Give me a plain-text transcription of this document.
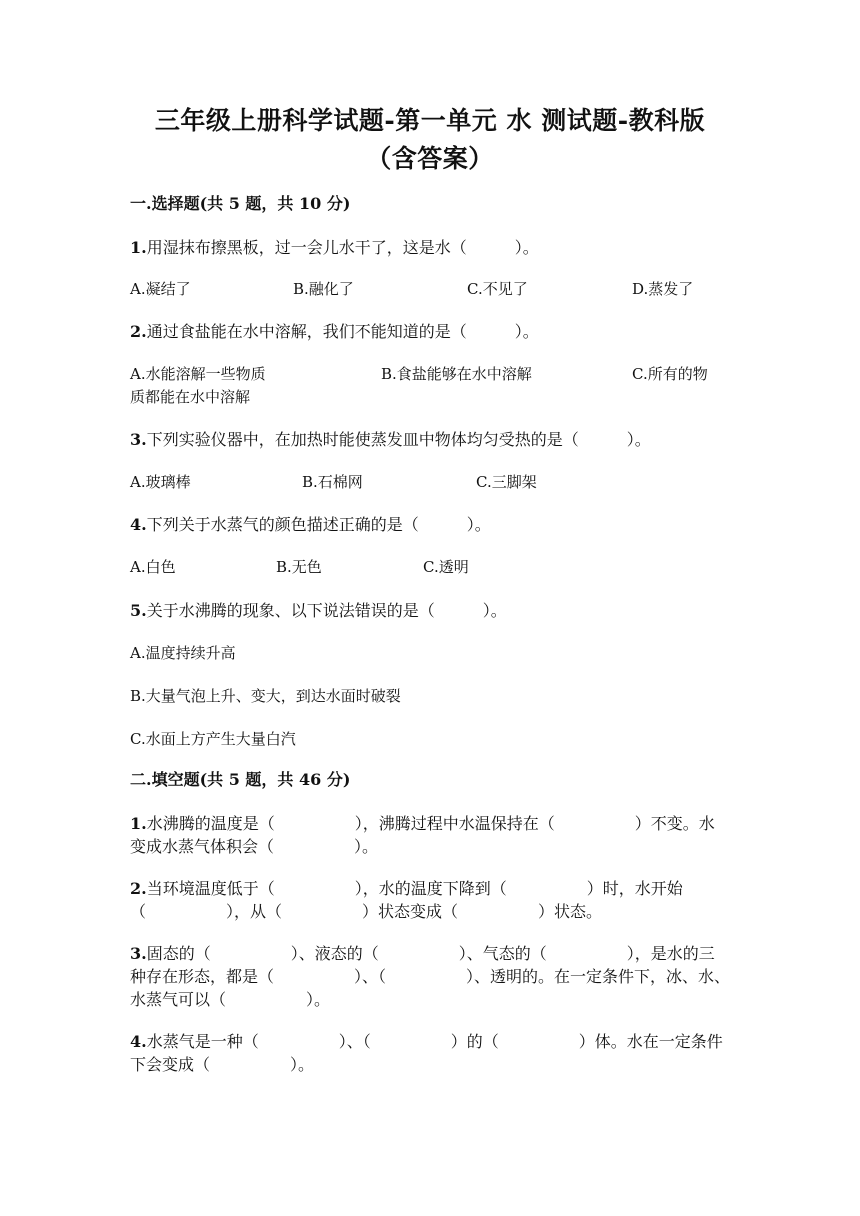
三年级上册科学试题-第一单元 水 测试题-教科版
（含答案）
一.选择题(共 5 题，共 10 分)
1.用湿抹布擦黑板，过一会儿水干了，这是水（　　　）。
A.凝结了	B.融化了	C.不见了	D.蒸发了
2.通过食盐能在水中溶解，我们不能知道的是（　　　）。
A.水能溶解一些物质	B.食盐能够在水中溶解	C.所有的物
质都能在水中溶解
3.下列实验仪器中，在加热时能使蒸发皿中物体均匀受热的是（　　　）。
A.玻璃棒	B.石棉网	C.三脚架
4.下列关于水蒸气的颜色描述正确的是（　　　）。
A.白色	B.无色	C.透明
5.关于水沸腾的现象、以下说法错误的是（　　　）。
A.温度持续升高
B.大量气泡上升、变大，到达水面时破裂
C.水面上方产生大量白汽
二.填空题(共 5 题，共 46 分)
1.水沸腾的温度是（　　　　　），沸腾过程中水温保持在（　　　　　）不变。水变成水蒸气体积会（　　　　　）。
2.当环境温度低于（　　　　　），水的温度下降到（　　　　　）时，水开始（　　　　　），从（　　　　　）状态变成（　　　　　）状态。
3.固态的（　　　　　）、液态的（　　　　　）、气态的（　　　　　），是水的三种存在形态，都是（　　　　　）、（　　　　　）、透明的。在一定条件下，冰、水、水蒸气可以（　　　　　）。
4.水蒸气是一种（　　　　　）、（　　　　　）的（　　　　　）体。水在一定条件下会变成（　　　　　）。
